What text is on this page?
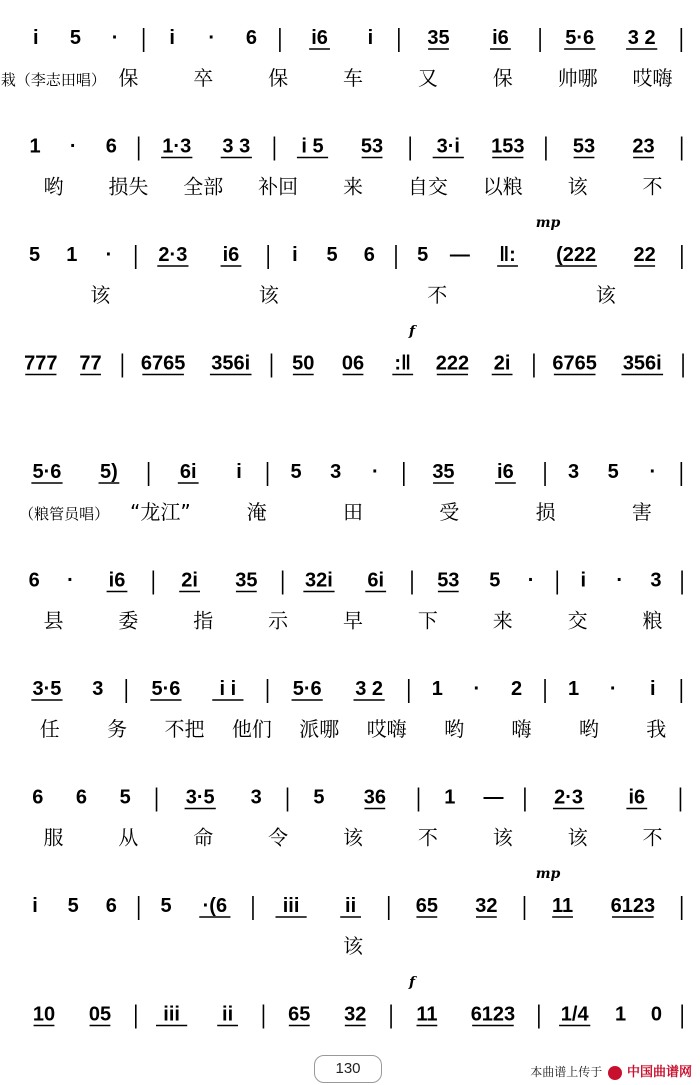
i 5 ·	i · 6	i6 i	35 i6	5·6 3 2
栽（李志田唱） 保	卒	保	车	又	保 帅哪 哎嗨
1 · 6 1·3 3 3	i 5 53	3·i 153 53 23
哟 损失 全部 补回 来 自交 以粮 该	不
5 1 · 2·3 i6	i 5 6 5 — ‖: (222 22
该	该	不	该
mp
777 77 6765 356i 50 06 :‖ 222 2i 6765 356i
f
5·6 5)	6i i 5 3 ·	35 i6	3 5 ·
（粮管员唱） “龙江”	淹	田	受	损	害
6 · i6	2i 35 32i 6i	53 5 · i · 3
县	委	指	示	早	下	来	交	粮
3·5 3 5·6 i i	5·6 3 2 1 · 2 1 · i
任 务 不把 他们 派哪 哎嗨 哟 嗨 哟 我
6 6 5	3·5 3	5 36	1 —	2·3 i6
服	从	命	令	该	不	该	该	不
i 5 6 5 ·(6	iii ii	65 32	11 6123
该
mp
10 05	iii ii	65 32 11 6123 1/4 1 0
f
130	本曲谱上传于 中国曲谱网
